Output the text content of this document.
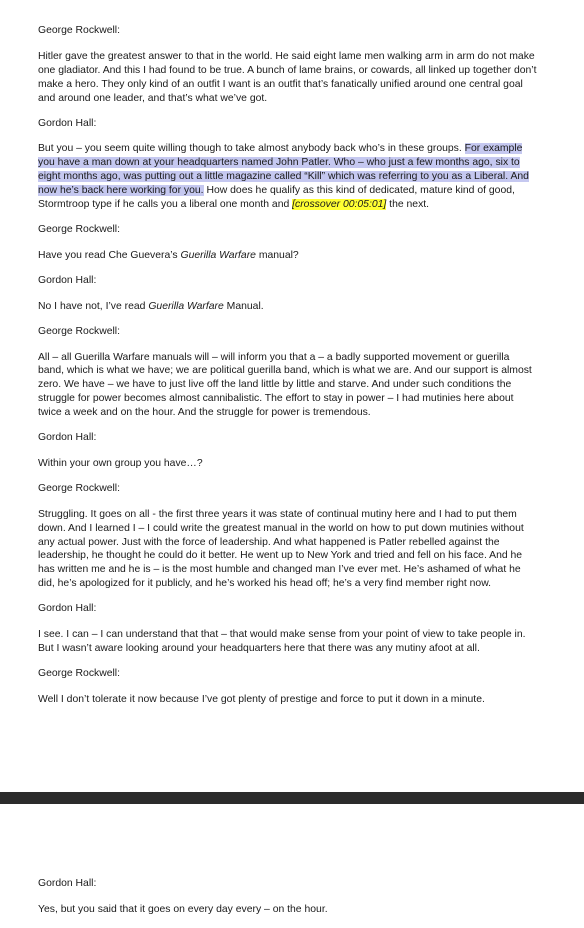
George Rockwell:

Hitler gave the greatest answer to that in the world. He said eight lame men walking arm in arm do not make one gladiator. And this I had found to be true. A bunch of lame brains, or cowards, all linked up together don’t make a hero. They only kind of an outfit I want is an outfit that’s fanatically unified around one central goal and around one leader, and that’s what we’ve got.

Gordon Hall:

But you – you seem quite willing though to take almost anybody back who’s in these groups. For example you have a man down at your headquarters named John Patler. Who – who just a few months ago, six to eight months ago, was putting out a little magazine called “Kill” which was referring to you as a Liberal. And now he’s back here working for you. How does he qualify as this kind of dedicated, mature kind of good, Stormtroop type if he calls you a liberal one month and [crossover 00:05:01] the next.

George Rockwell:

Have you read Che Guevera’s Guerilla Warfare manual?

Gordon Hall:

No I have not, I’ve read Guerilla Warfare Manual.

George Rockwell:

All – all Guerilla Warfare manuals will – will inform you that a – a badly supported movement or guerilla band, which is what we have; we are political guerilla band, which is what we are. And our support is almost zero. We have – we have to just live off the land little by little and starve. And under such conditions the struggle for power becomes almost cannibalistic. The effort to stay in power – I had mutinies here about twice a week and on the hour. And the struggle for power is tremendous.

Gordon Hall:

Within your own group you have…?

George Rockwell:

Struggling. It goes on all - the first three years it was state of continual mutiny here and I had to put them down. And I learned I – I could write the greatest manual in the world on how to put down mutinies without any actual power. Just with the force of leadership. And what happened is Patler rebelled against the leadership, he thought he could do it better. He went up to New York and tried and fell on his face. And he has written me and he is – is the most humble and changed man I’ve ever met. He’s ashamed of what he did, he’s apologized for it publicly, and he’s worked his head off; he’s a very find member right now.

Gordon Hall:

I see. I can – I can understand that that – that would make sense from your point of view to take people in. But I wasn’t aware looking around your headquarters here that there was any mutiny afoot at all.

George Rockwell:

Well I don’t tolerate it now because I’ve got plenty of prestige and force to put it down in a minute.

Gordon Hall:

Yes, but you said that it goes on every day every – on the hour.
